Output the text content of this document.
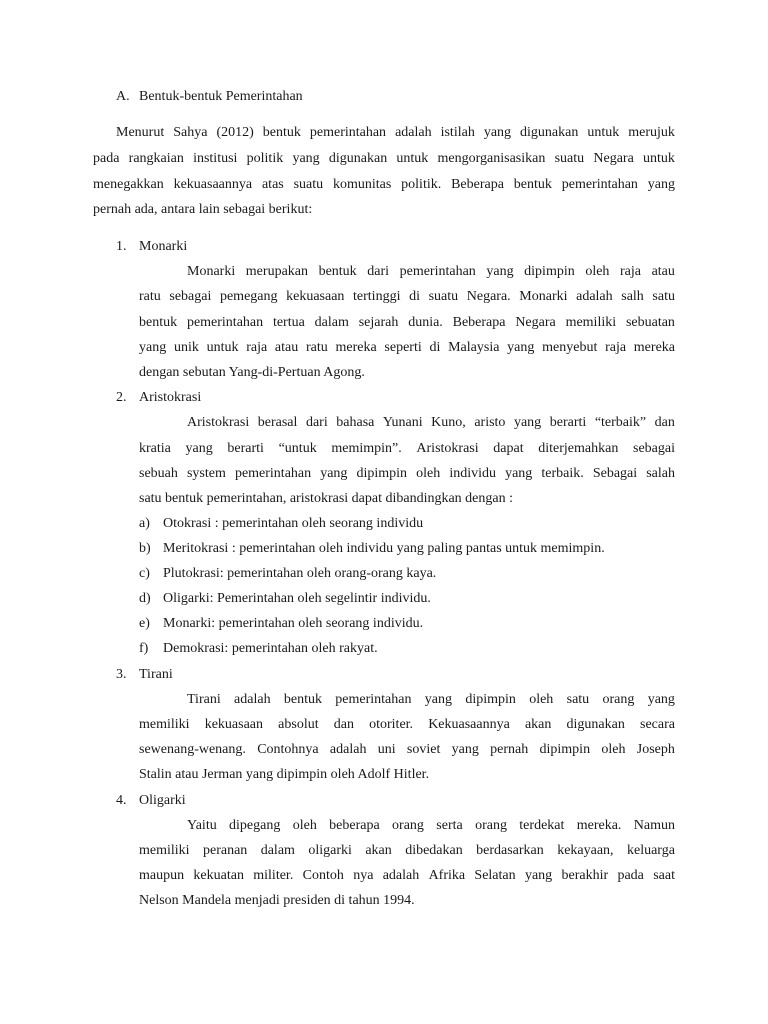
A. Bentuk-bentuk Pemerintahan
Menurut Sahya (2012) bentuk pemerintahan adalah istilah yang digunakan untuk merujuk
pada rangkaian institusi politik yang digunakan untuk mengorganisasikan suatu Negara untuk
menegakkan kekuasaannya atas suatu komunitas politik. Beberapa bentuk pemerintahan yang
pernah ada, antara lain sebagai berikut:
1. Monarki
Monarki merupakan bentuk dari pemerintahan yang dipimpin oleh raja atau
ratu sebagai pemegang kekuasaan tertinggi di suatu Negara. Monarki adalah salh satu
bentuk pemerintahan tertua dalam sejarah dunia. Beberapa Negara memiliki sebuatan
yang unik untuk raja atau ratu mereka seperti di Malaysia yang menyebut raja mereka
dengan sebutan Yang-di-Pertuan Agong.
2. Aristokrasi
Aristokrasi berasal dari bahasa Yunani Kuno, aristo yang berarti “terbaik” dan
kratia yang berarti “untuk memimpin”. Aristokrasi dapat diterjemahkan sebagai
sebuah system pemerintahan yang dipimpin oleh individu yang terbaik. Sebagai salah
satu bentuk pemerintahan, aristokrasi dapat dibandingkan dengan :
a) Otokrasi : pemerintahan oleh seorang individu
b) Meritokrasi : pemerintahan oleh individu yang paling pantas untuk memimpin.
c) Plutokrasi: pemerintahan oleh orang-orang kaya.
d) Oligarki: Pemerintahan oleh segelintir individu.
e) Monarki: pemerintahan oleh seorang individu.
f) Demokrasi: pemerintahan oleh rakyat.
3. Tirani
Tirani adalah bentuk pemerintahan yang dipimpin oleh satu orang yang
memiliki kekuasaan absolut dan otoriter. Kekuasaannya akan digunakan secara
sewenang-wenang. Contohnya adalah uni soviet yang pernah dipimpin oleh Joseph
Stalin atau Jerman yang dipimpin oleh Adolf Hitler.
4. Oligarki
Yaitu dipegang oleh beberapa orang serta orang terdekat mereka. Namun
memiliki peranan dalam oligarki akan dibedakan berdasarkan kekayaan, keluarga
maupun kekuatan militer. Contoh nya adalah Afrika Selatan yang berakhir pada saat
Nelson Mandela menjadi presiden di tahun 1994.
